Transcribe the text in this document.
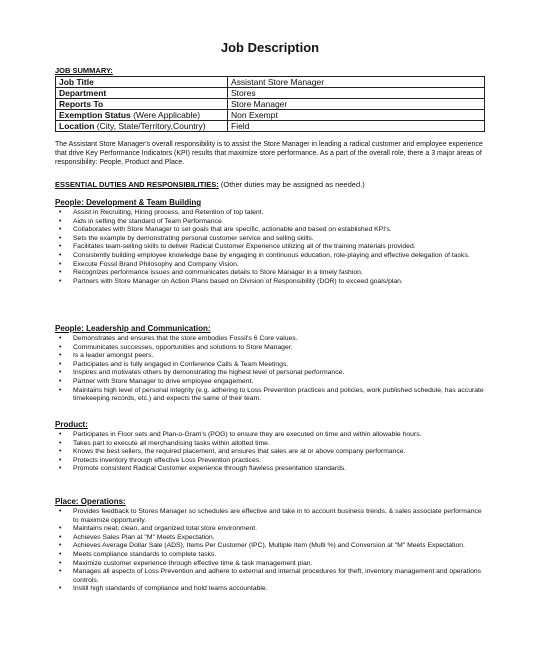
Job Description
JOB SUMMARY:
Job Title	Assistant Store Manager
Department	Stores
Reports To	Store Manager
Exemption Status (Were Applicable)	Non Exempt
Location (City, State/Territory,Country)	Field
The Assistant Store Manager's overall responsibility is to assist the Store Manager in leading a radical customer and employee experience that drive Key Performance Indicators (KPI) results that maximize store performance. As a part of the overall role, there a 3 major areas of responsibility: People, Product and Place.
ESSENTIAL DUTIES AND RESPONSIBILITIES: (Other duties may be assigned as needed.)
People: Development & Team Building
• Assist in Recruiting, Hiring process, and Retention of top talent.
• Aids in setting the standard of Team Performance.
• Collaborates with Store Manager to set goals that are specific, actionable and based on established KPI's.
• Sets the example by demonstrating personal customer service and selling skills.
• Facilitates team-selling skills to deliver Radical Customer Experience utilizing all of the training materials provided.
• Consistently building employee knowledge base by engaging in continuous education, role-playing and effective delegation of tasks.
• Execute Fossil Brand Philosophy and Company Vision.
• Recognizes performance issues and communicates details to Store Manager in a timely fashion.
• Partners with Store Manager on Action Plans based on Division of Responsibility (DOR) to exceed goals/plan.
People: Leadership and Communication:
• Demonstrates and ensures that the store embodies Fossil's 6 Core values.
• Communicates successes, opportunities and solutions to Store Manager.
• Is a leader amongst peers.
• Participates and is fully engaged in Conference Calls & Team Meetings.
• Inspires and motivates others by demonstrating the highest level of personal performance.
• Partner with Store Manager to drive employee engagement.
• Maintains high level of personal integrity (e.g. adhering to Loss Prevention practices and policies, work published schedule, has accurate timekeeping records, etc.) and expects the same of their team.
Product:
• Participates in Floor sets and Plan-o-Gram's (POG) to ensure they are executed on time and within allowable hours.
• Takes part to execute all merchandising tasks within allotted time.
• Knows the best sellers, the required placement, and ensures that sales are at or above company performance.
• Protects inventory through effective Loss Prevention practices.
• Promote consistent Radical Customer experience through flawless presentation standards.
Place: Operations:
• Provides feedback to Stores Manager so schedules are effective and take in to account business trends, & sales associate performance to maximize opportunity.
• Maintains neat, clean, and organized total store environment.
• Achieves Sales Plan at "M" Meets Expectation.
• Achieves Average Dollar Sale (ADS), Items Per Customer (IPC), Multiple Item (Multi %) and Conversion at "M" Meets Expectation.
• Meets compliance standards to complete tasks.
• Maximize customer experience through effective time & task management plan.
• Manages all aspects of Loss Prevention and adhere to external and internal procedures for theft, inventory management and operations controls.
• Instill high standards of compliance and hold teams accountable.
